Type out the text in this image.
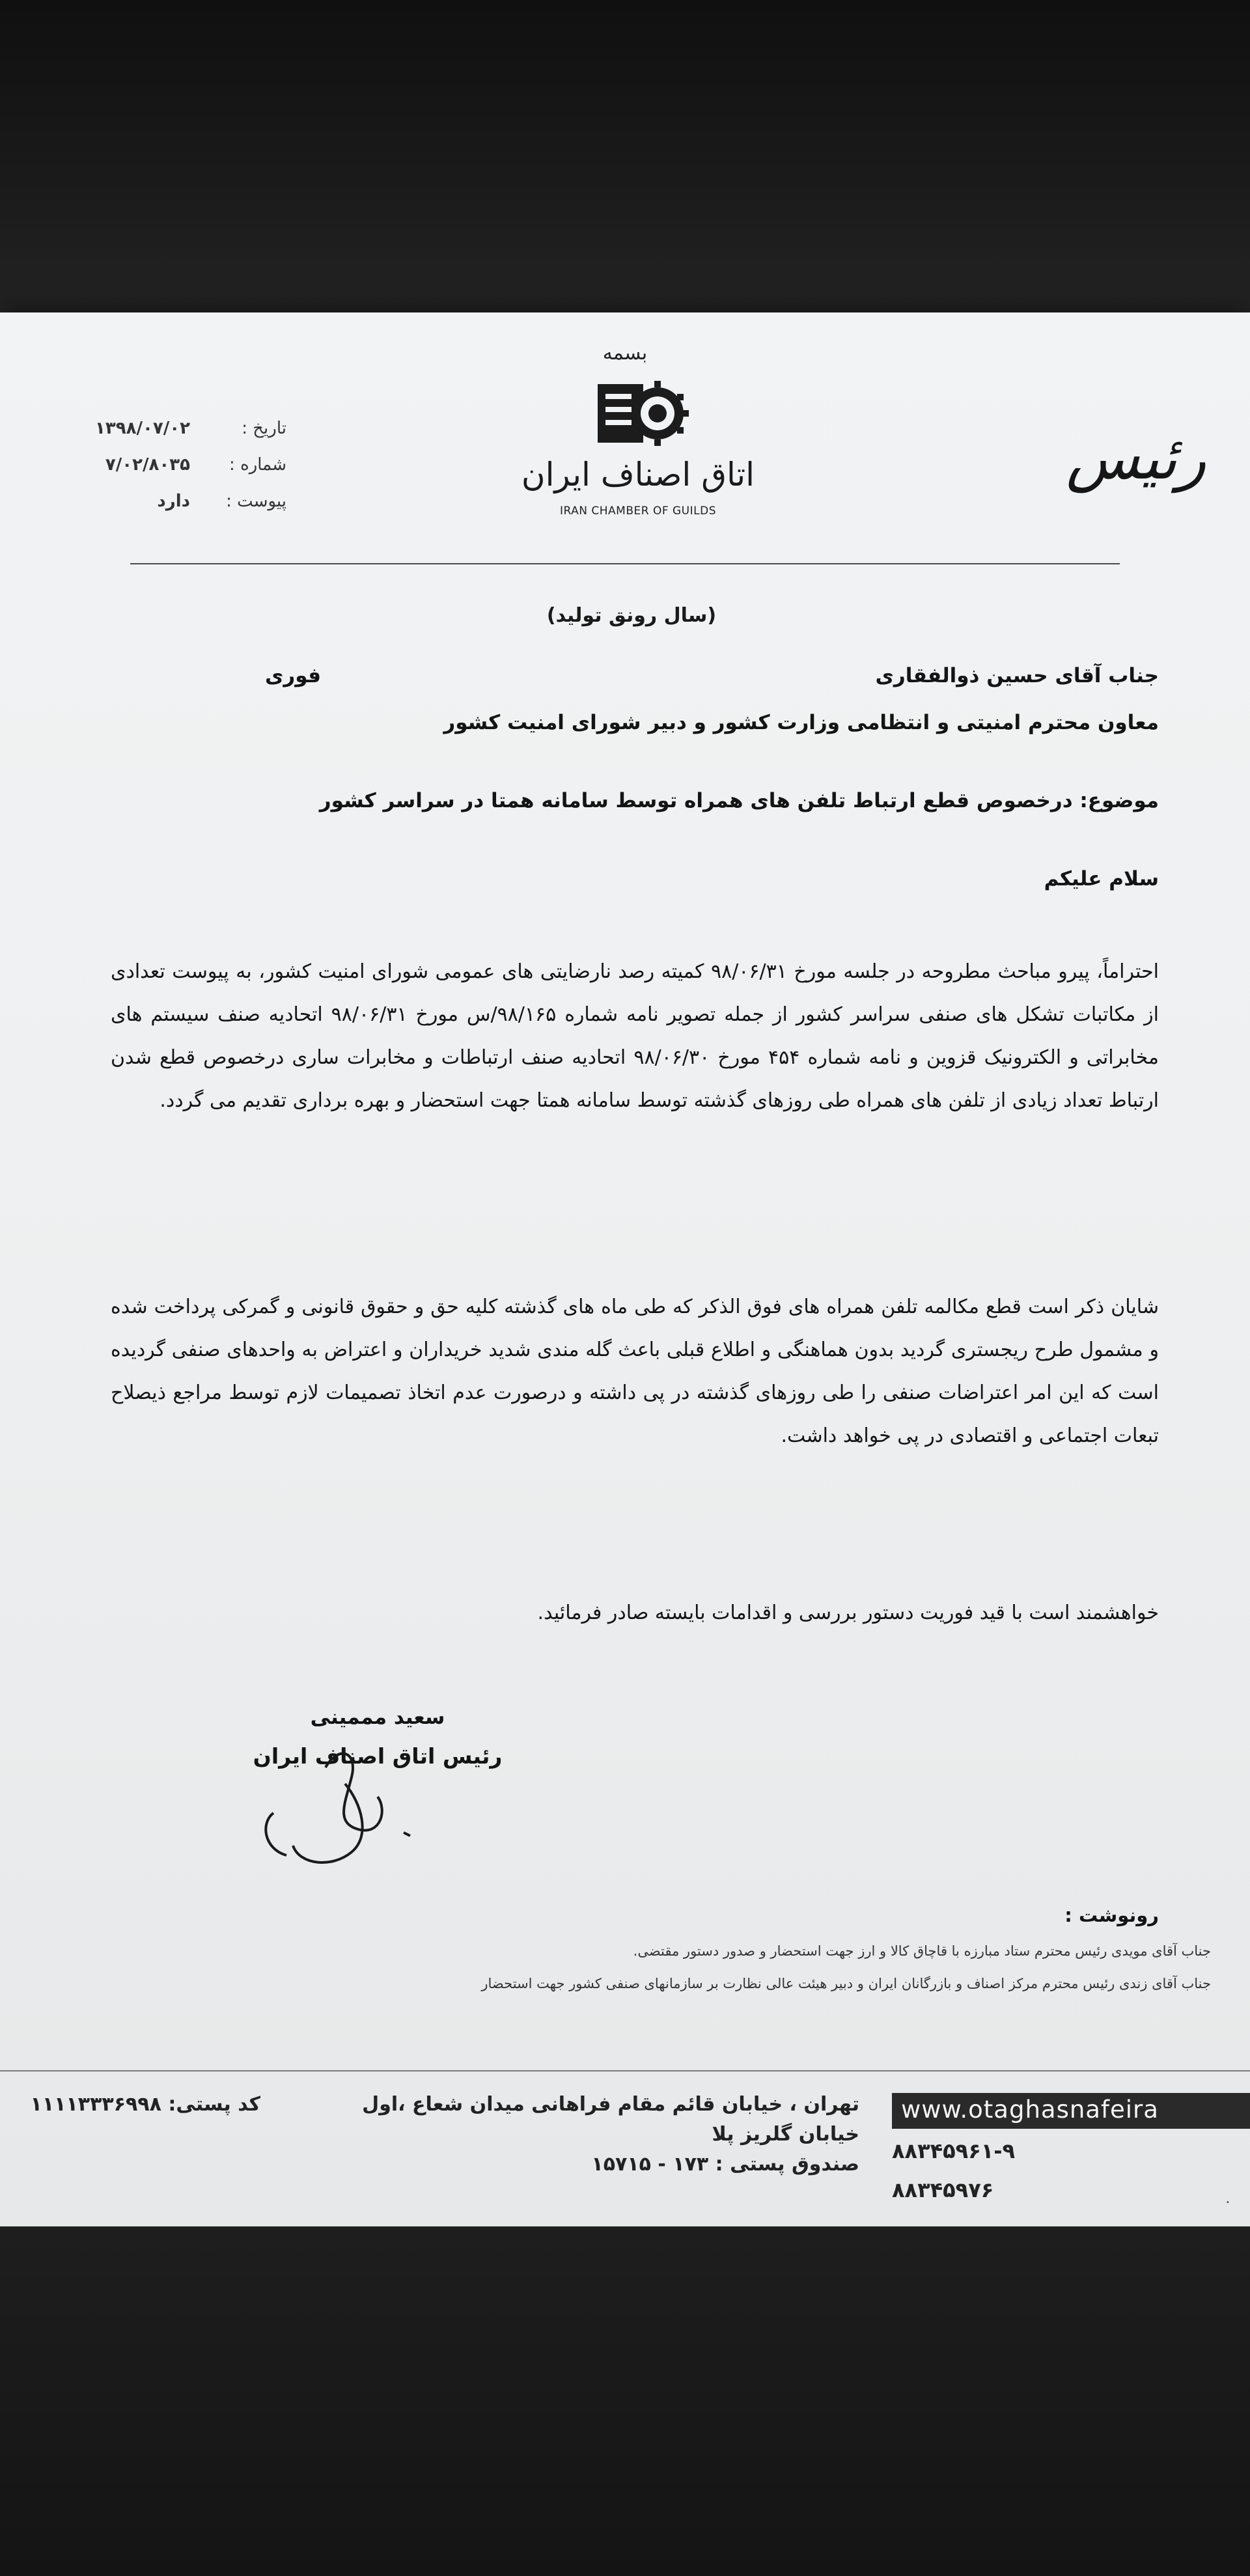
بسمه
اتاق اصناف ایران
IRAN CHAMBER OF GUILDS
رئیس
تاریخ :
۱۳۹۸/۰۷/۰۲
شماره :
۷/۰۲/۸۰۳۵
پیوست :
دارد
(سال رونق تولید)
جناب آقای حسین ذوالفقاری
فوری
معاون محترم امنیتی و انتظامی وزارت کشور و دبیر شورای امنیت کشور
موضوع: درخصوص قطع ارتباط تلفن های همراه توسط سامانه همتا در سراسر کشور
سلام علیکم
احتراماً، پیرو مباحث مطروحه در جلسه مورخ ۹۸/۰۶/۳۱ کمیته رصد نارضایتی های عمومی شورای امنیت کشور، به پیوست تعدادی از مکاتبات تشکل های صنفی سراسر کشور از جمله تصویر نامه شماره ۹۸/۱۶۵/س مورخ ۹۸/۰۶/۳۱ اتحادیه صنف سیستم های مخابراتی و الکترونیک قزوین و نامه شماره ۴۵۴ مورخ ۹۸/۰۶/۳۰ اتحادیه صنف ارتباطات و مخابرات ساری درخصوص قطع شدن ارتباط تعداد زیادی از تلفن های همراه طی روزهای گذشته توسط سامانه همتا جهت استحضار و بهره برداری تقدیم می گردد.
شایان ذکر است قطع مکالمه تلفن همراه های فوق الذکر که طی ماه های گذشته کلیه حق و حقوق قانونی و گمرکی پرداخت شده و مشمول طرح ریجستری گردید بدون هماهنگی و اطلاع قبلی باعث گله مندی شدید خریداران و اعتراض به واحدهای صنفی گردیده است که این امر اعتراضات صنفی را طی روزهای گذشته در پی داشته و درصورت عدم اتخاذ تصمیمات لازم توسط مراجع ذیصلاح تبعات اجتماعی و اقتصادی در پی خواهد داشت.
خواهشمند است با قید فوریت دستور بررسی و اقدامات بایسته صادر فرمائید.
سعید مممینی
رئیس اتاق اصناف ایران
رونوشت :
جناب آقای مویدی رئیس محترم ستاد مبارزه با قاچاق کالا و ارز جهت استحضار و صدور دستور مقتضی.
جناب آقای زندی رئیس محترم مرکز اصناف و بازرگانان ایران و دبیر هیئت عالی نظارت بر سازمانهای صنفی کشور جهت استحضار
تهران ، خیابان قائم مقام فراهانی میدان شعاع ،اول خیابان گلریز پلا
صندوق پستی : ۱۷۳ - ۱۵۷۱۵
کد پستی: ۱۱۱۱۳۳۳۶۹۹۸	www.otaghasnafeira
۸۸۳۴۵۹۶۱-۹
۸۸۳۴۵۹۷۶	۰
